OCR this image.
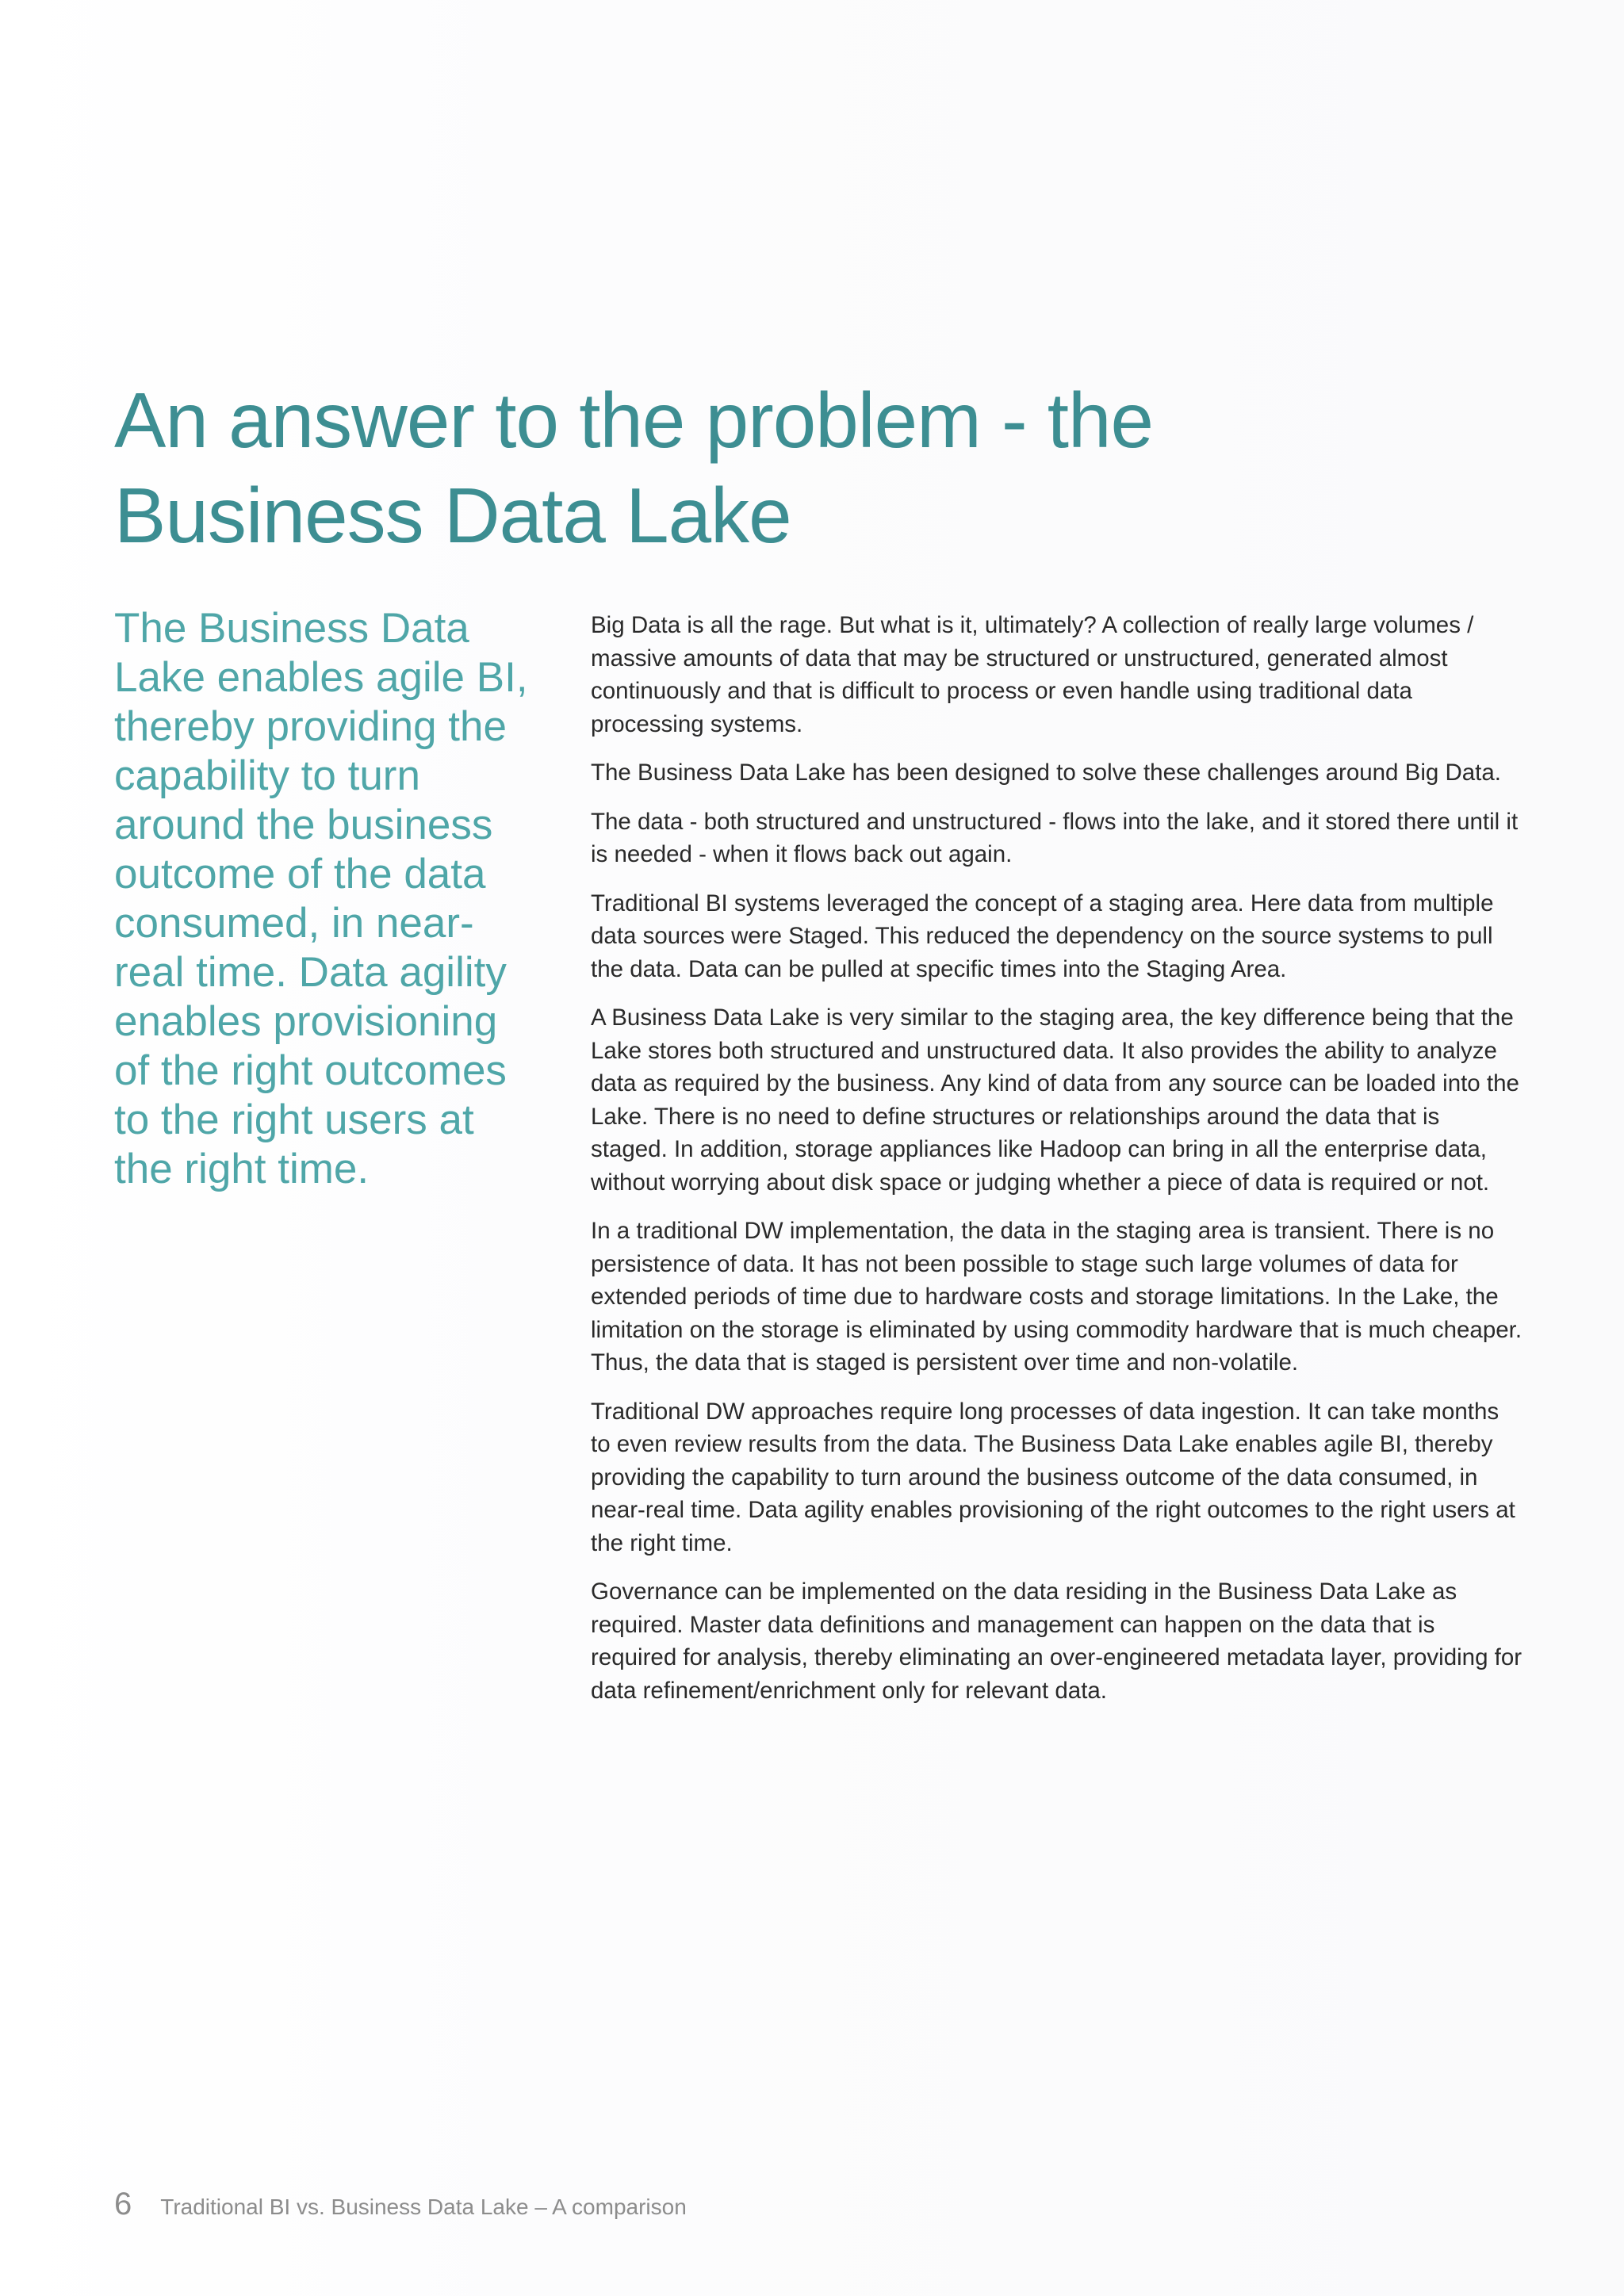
An answer to the problem - the Business Data Lake

The Business Data Lake enables agile BI, thereby providing the capability to turn around the business outcome of the data consumed, in near-real time. Data agility enables provisioning of the right outcomes to the right users at the right time.

Big Data is all the rage. But what is it, ultimately? A collection of really large volumes / massive amounts of data that may be structured or unstructured, generated almost continuously and that is difficult to process or even handle using traditional data processing systems.

The Business Data Lake has been designed to solve these challenges around Big Data.

The data - both structured and unstructured - flows into the lake, and it stored there until it is needed - when it flows back out again.

Traditional BI systems leveraged the concept of a staging area. Here data from multiple data sources were Staged. This reduced the dependency on the source systems to pull the data. Data can be pulled at specific times into the Staging Area.

A Business Data Lake is very similar to the staging area, the key difference being that the Lake stores both structured and unstructured data. It also provides the ability to analyze data as required by the business. Any kind of data from any source can be loaded into the Lake. There is no need to define structures or relationships around the data that is staged. In addition, storage appliances like Hadoop can bring in all the enterprise data, without worrying about disk space or judging whether a piece of data is required or not.

In a traditional DW implementation, the data in the staging area is transient. There is no persistence of data. It has not been possible to stage such large volumes of data for extended periods of time due to hardware costs and storage limitations. In the Lake, the limitation on the storage is eliminated by using commodity hardware that is much cheaper. Thus, the data that is staged is persistent over time and non-volatile.

Traditional DW approaches require long processes of data ingestion. It can take months to even review results from the data. The Business Data Lake enables agile BI, thereby providing the capability to turn around the business outcome of the data consumed, in near-real time. Data agility enables provisioning of the right outcomes to the right users at the right time.

Governance can be implemented on the data residing in the Business Data Lake as required. Master data definitions and management can happen on the data that is required for analysis, thereby eliminating an over-engineered metadata layer, providing for data refinement/enrichment only for relevant data.

6 Traditional BI vs. Business Data Lake – A comparison
